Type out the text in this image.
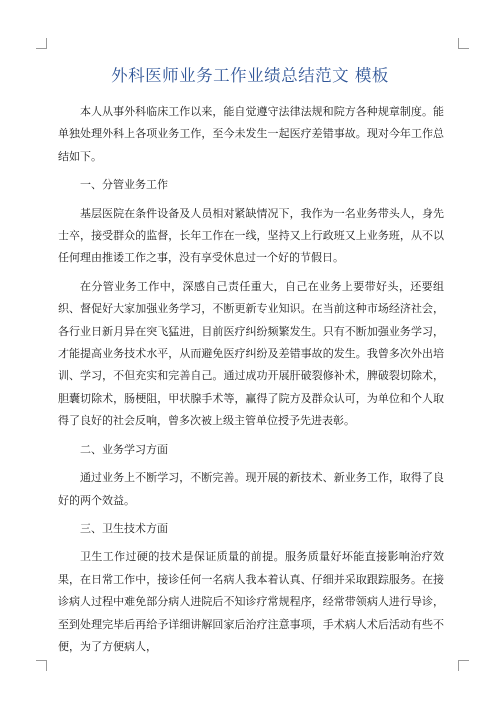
外科医师业务工作业绩总结范文 模板

本人从事外科临床工作以来，能自觉遵守法律法规和院方各种规章制度。能单独处理外科上各项业务工作，至今未发生一起医疗差错事故。现对今年工作总结如下。

一、分管业务工作

基层医院在条件设备及人员相对紧缺情况下，我作为一名业务带头人，身先士卒，接受群众的监督，长年工作在一线，坚持又上行政班又上业务班，从不以任何理由推诿工作之事，没有享受休息过一个好的节假日。

在分管业务工作中，深感自己责任重大，自己在业务上要带好头，还要组织、督促好大家加强业务学习，不断更新专业知识。在当前这种市场经济社会，各行业日新月异在突飞猛进，目前医疗纠纷频繁发生。只有不断加强业务学习，才能提高业务技术水平，从而避免医疗纠纷及差错事故的发生。我曾多次外出培训、学习，不但充实和完善自己。通过成功开展肝破裂修补术，脾破裂切除术，胆囊切除术，肠梗阻，甲状腺手术等，赢得了院方及群众认可，为单位和个人取得了良好的社会反响，曾多次被上级主管单位授予先进表彰。

二、业务学习方面

通过业务上不断学习，不断完善。现开展的新技术、新业务工作，取得了良好的两个效益。

三、卫生技术方面

卫生工作过硬的技术是保证质量的前提。服务质量好坏能直接影响治疗效果，在日常工作中，接诊任何一名病人我本着认真、仔细并采取跟踪服务。在接诊病人过程中难免部分病人进院后不知诊疗常规程序，经常带领病人进行导诊，至到处理完毕后再给予详细讲解回家后治疗注意事项，手术病人术后活动有些不便，为了方便病人，
